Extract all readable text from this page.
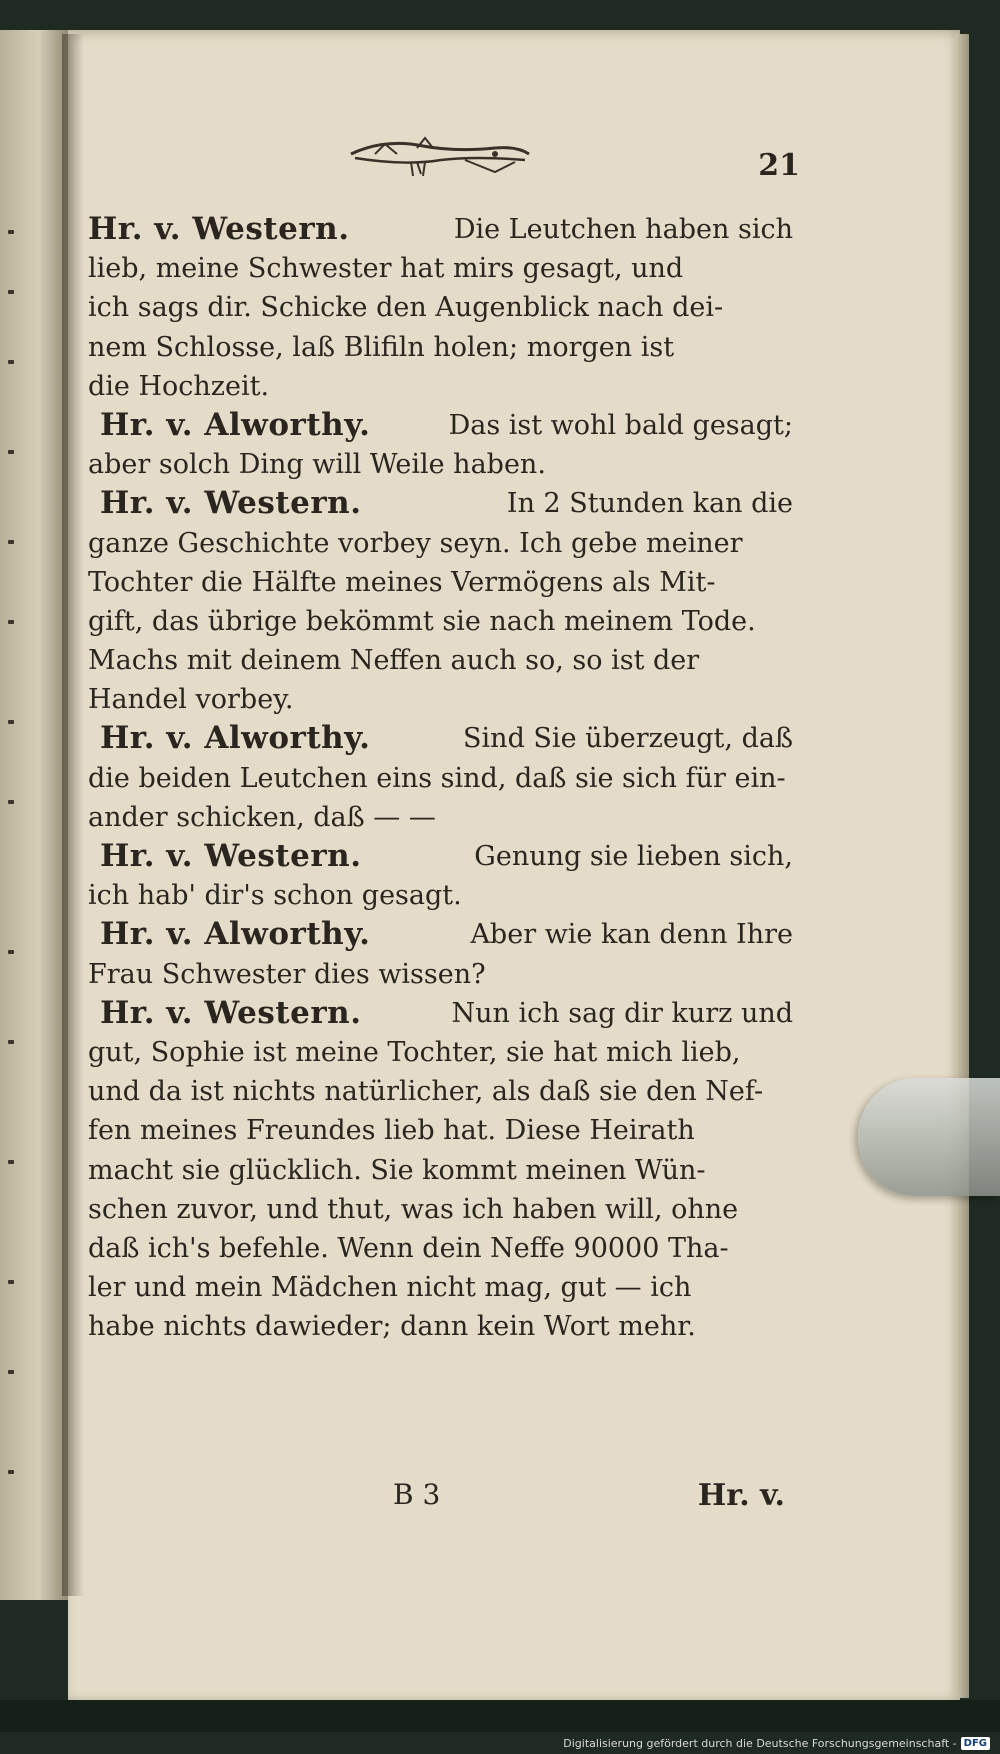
21
Hr. v. Western.	Die Leutchen haben sich
lieb, meine Schwester hat mirs gesagt, und
ich sags dir. Schicke den Augenblick nach dei-
nem Schlosse, laß Blifiln holen; morgen ist
die Hochzeit.
Hr. v. Alworthy.	Das ist wohl bald gesagt;
aber solch Ding will Weile haben.
Hr. v. Western.	In 2 Stunden kan die
ganze Geschichte vorbey seyn. Ich gebe meiner
Tochter die Hälfte meines Vermögens als Mit-
gift, das übrige bekömmt sie nach meinem Tode.
Machs mit deinem Neffen auch so, so ist der
Handel vorbey.
Hr. v. Alworthy.	Sind Sie überzeugt, daß
die beiden Leutchen eins sind, daß sie sich für ein-
ander schicken, daß — —
Hr. v. Western.	Genung sie lieben sich,
ich hab' dir's schon gesagt.
Hr. v. Alworthy.	Aber wie kan denn Ihre
Frau Schwester dies wissen?
Hr. v. Western.	Nun ich sag dir kurz und
gut, Sophie ist meine Tochter, sie hat mich lieb,
und da ist nichts natürlicher, als daß sie den Nef-
fen meines Freundes lieb hat. Diese Heirath
macht sie glücklich. Sie kommt meinen Wün-
schen zuvor, und thut, was ich haben will, ohne
daß ich's befehle. Wenn dein Neffe 90000 Tha-
ler und mein Mädchen nicht mag, gut — ich
habe nichts dawieder; dann kein Wort mehr.
B 3	Hr. v.
Digitalisierung gefördert durch die Deutsche Forschungsgemeinschaft - DFG
